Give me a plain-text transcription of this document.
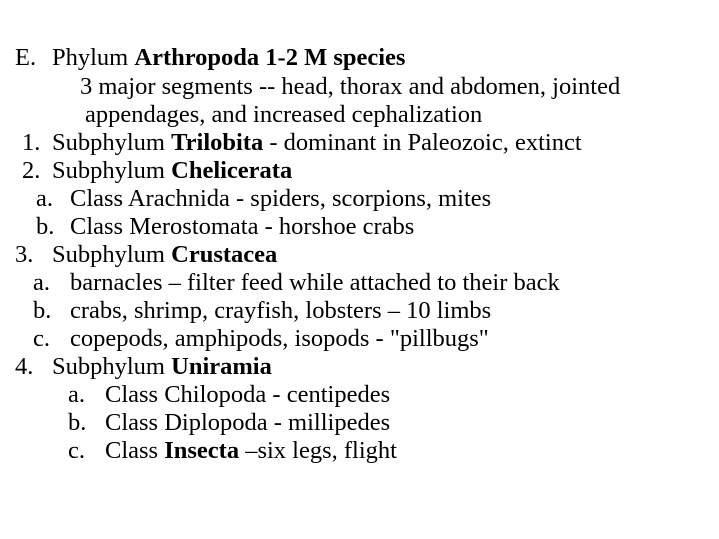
E. Phylum Arthropoda 1-2 M species
3 major segments -- head, thorax and abdomen, jointed
appendages, and increased cephalization
1. Subphylum Trilobita - dominant in Paleozoic, extinct
2. Subphylum Chelicerata
a. Class Arachnida - spiders, scorpions, mites
b. Class Merostomata - horshoe crabs
3. Subphylum Crustacea
a. barnacles – filter feed while attached to their back
b. crabs, shrimp, crayfish, lobsters – 10 limbs
c. copepods, amphipods, isopods - "pillbugs"
4. Subphylum Uniramia
a. Class Chilopoda - centipedes
b. Class Diplopoda - millipedes
c. Class Insecta –six legs, flight
